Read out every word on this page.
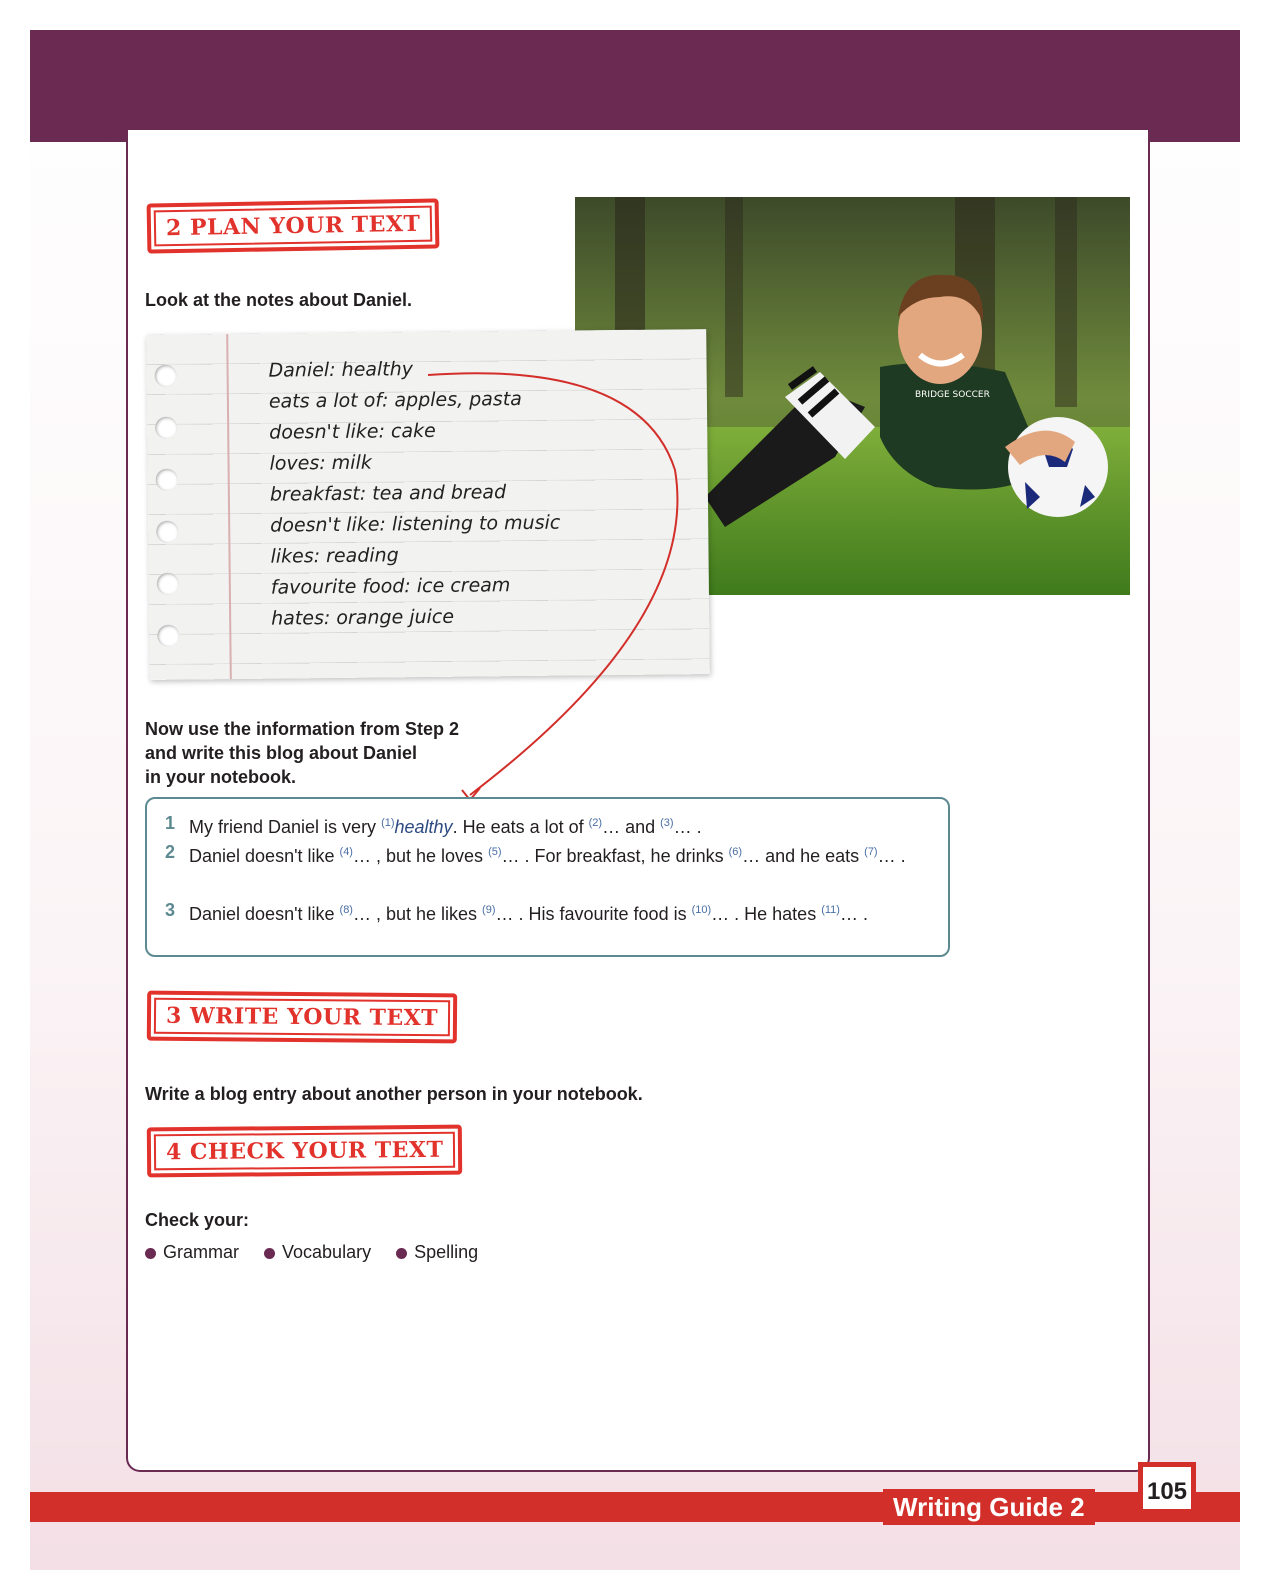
2 PLAN YOUR TEXT
Look at the notes about Daniel.
BRIDGE SOCCER
Daniel: healthy
eats a lot of: apples, pasta
doesn't like: cake
loves: milk
breakfast: tea and bread
doesn't like: listening to music
likes: reading
favourite food: ice cream
hates: orange juice
Now use the information from Step 2
and write this blog about Daniel
in your notebook.
1 My friend Daniel is very $^{(1)}$healthy. He eats a lot of $^{(2)}$… and $^{(3)}$… .
2 Daniel doesn't like $^{(4)}$… , but he loves $^{(5)}$… . For breakfast, he drinks $^{(6)}$… and he eats $^{(7)}$… .
3 Daniel doesn't like $^{(8)}$… , but he likes $^{(9)}$… . His favourite food is $^{(10)}$… . He hates $^{(11)}$… .
3 WRITE YOUR TEXT
Write a blog entry about another person in your notebook.
4 CHECK YOUR TEXT
Check your:
Grammar Vocabulary Spelling
Writing Guide 2
105
